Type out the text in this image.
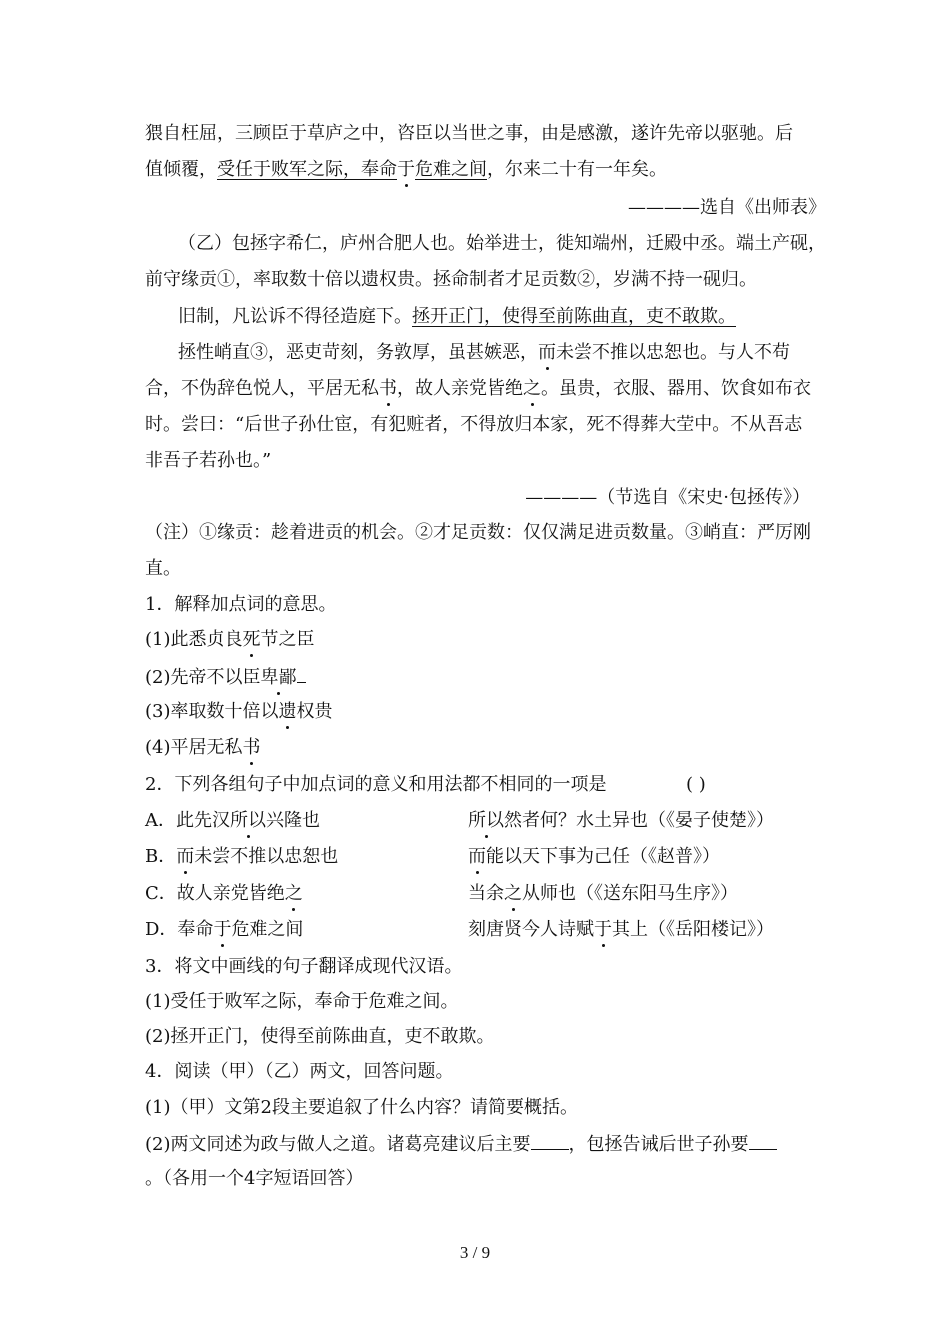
猥自枉屈，三顾臣于草庐之中，咨臣以当世之事，由是感激，遂许先帝以驱驰。后
值倾覆，受任于败军之际，奉命于危难之间，尔来二十有一年矣。
————选自《出师表》
（乙）包拯字希仁，庐州合肥人也。始举进士，徙知端州，迁殿中丞。端土产砚，
前守缘贡①，率取数十倍以遗权贵。拯命制者才足贡数②，岁满不持一砚归。
旧制，凡讼诉不得径造庭下。拯开正门，使得至前陈曲直，吏不敢欺。
拯性峭直③，恶吏苛刻，务敦厚，虽甚嫉恶，而未尝不推以忠恕也。与人不苟
合，不伪辞色悦人，平居无私书，故人亲党皆绝之。虽贵，衣服、器用、饮食如布衣
时。尝曰：“后世子孙仕宦，有犯赃者，不得放归本家，死不得葬大茔中。不从吾志
非吾子若孙也。”
————（节选自《宋史·包拯传》）
（注）①缘贡：趁着进贡的机会。②才足贡数：仅仅满足进贡数量。③峭直：严厉刚
直。
1．解释加点词的意思。
(1)此悉贞良死节之臣
(2)先帝不以臣卑鄙
(3)率取数十倍以遗权贵
(4)平居无私书
2．下列各组句子中加点词的意义和用法都不相同的一项是	( )
A．此先汉所以兴隆也	所以然者何？水土异也（《晏子使楚》）
B．而未尝不推以忠恕也	而能以天下事为己任（《赵普》）
C．故人亲党皆绝之	当余之从师也（《送东阳马生序》）
D．奉命于危难之间	刻唐贤今人诗赋于其上（《岳阳楼记》）
3．将文中画线的句子翻译成现代汉语。
(1)受任于败军之际，奉命于危难之间。
(2)拯开正门，使得至前陈曲直，吏不敢欺。
4．阅读（甲）（乙）两文，回答问题。
(1)（甲）文第2段主要追叙了什么内容？请简要概括。
(2)两文同述为政与做人之道。诸葛亮建议后主要 ，包拯告诫后世子孙要
。（各用一个4字短语回答）
3 / 9
